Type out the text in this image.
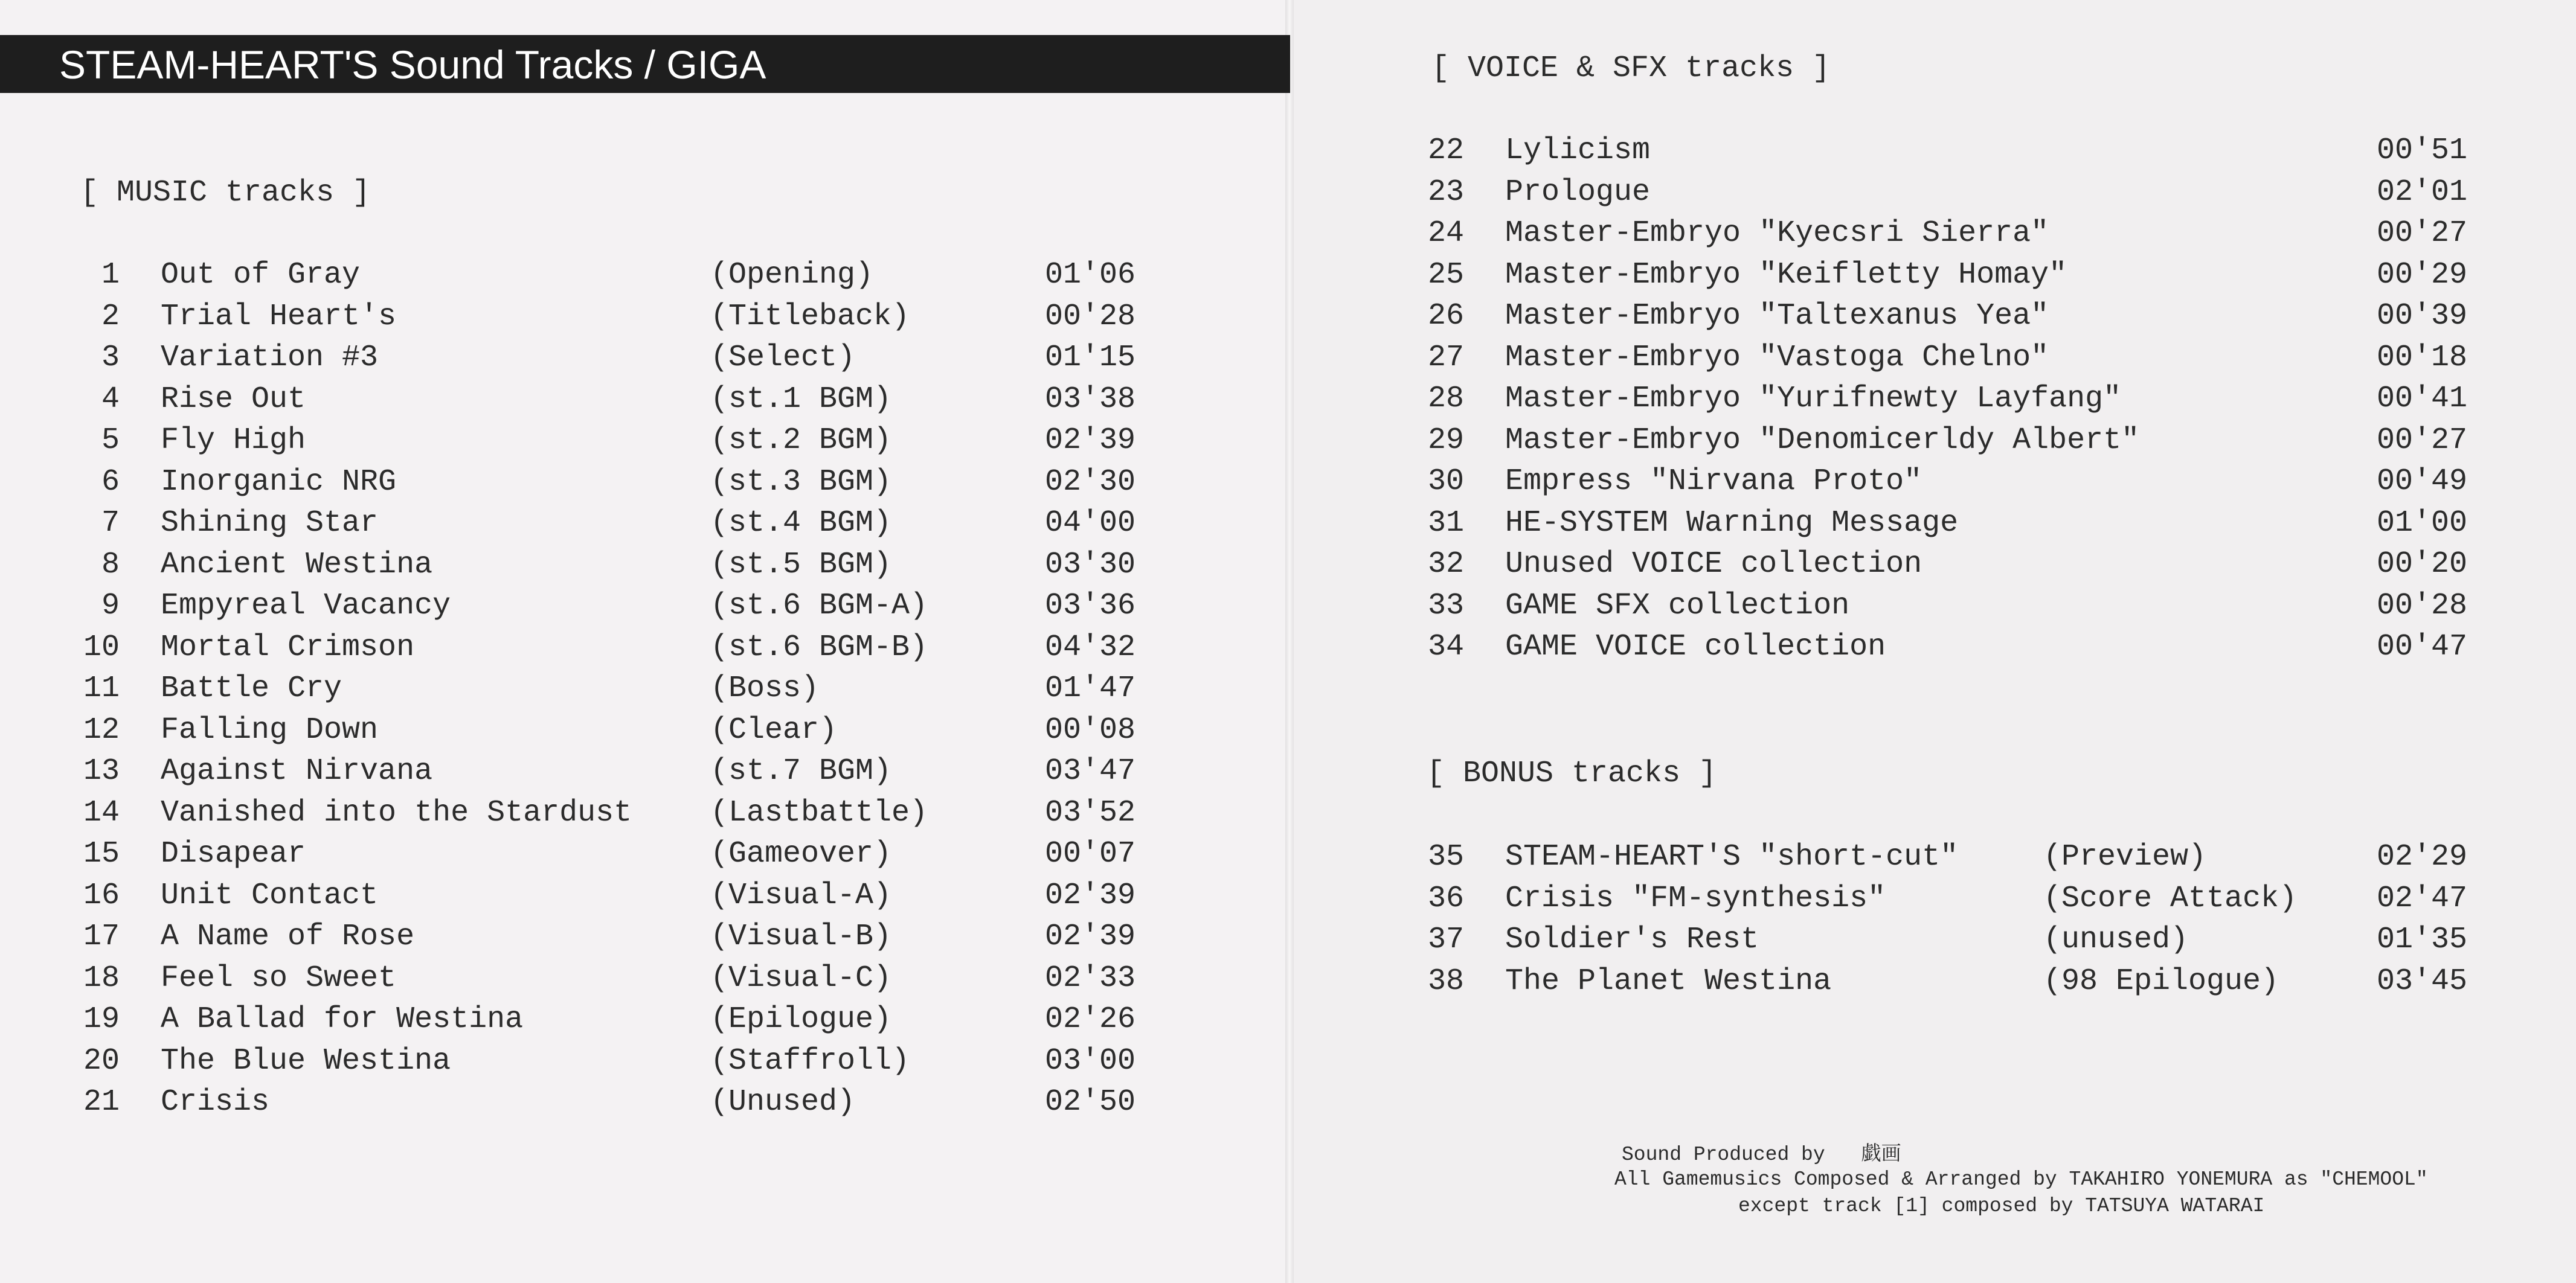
STEAM-HEART'S Sound Tracks / GIGA
[ MUSIC tracks ]
1 Out of Gray	(Opening)	01'06
2 Trial Heart's	(Titleback)	00'28
3 Variation #3	(Select)	01'15
4 Rise Out	(st.1 BGM)	03'38
5 Fly High	(st.2 BGM)	02'39
6 Inorganic NRG	(st.3 BGM)	02'30
7 Shining Star	(st.4 BGM)	04'00
8 Ancient Westina	(st.5 BGM)	03'30
9 Empyreal Vacancy	(st.6 BGM-A)	03'36
10 Mortal Crimson	(st.6 BGM-B)	04'32
11 Battle Cry	(Boss)	01'47
12 Falling Down	(Clear)	00'08
13 Against Nirvana	(st.7 BGM)	03'47
14 Vanished into the Stardust	(Lastbattle)	03'52
15 Disapear	(Gameover)	00'07
16 Unit Contact	(Visual-A)	02'39
17 A Name of Rose	(Visual-B)	02'39
18 Feel so Sweet	(Visual-C)	02'33
19 A Ballad for Westina	(Epilogue)	02'26
20 The Blue Westina	(Staffroll)	03'00
21 Crisis	(Unused)	02'50
[ VOICE & SFX tracks ]
22 Lylicism	00'51
23 Prologue	02'01
24 Master-Embryo "Kyecsri Sierra"	00'27
25 Master-Embryo "Keifletty Homay"	00'29
26 Master-Embryo "Taltexanus Yea"	00'39
27 Master-Embryo "Vastoga Chelno"	00'18
28 Master-Embryo "Yurifnewty Layfang"	00'41
29 Master-Embryo "Denomicerldy Albert"	00'27
30 Empress "Nirvana Proto"	00'49
31 HE-SYSTEM Warning Message	01'00
32 Unused VOICE collection	00'20
33 GAME SFX collection	00'28
34 GAME VOICE collection	00'47
[ BONUS tracks ]
35 STEAM-HEART'S "short-cut"	(Preview)	02'29
36 Crisis "FM-synthesis"	(Score Attack)	02'47
37 Soldier's Rest	(unused)	01'35
38 The Planet Westina	(98 Epilogue)	03'45

Sound Produced by 戯画

All Gamemusics Composed & Arranged by TAKAHIRO YONEMURA as "CHEMOOL"

except track [1] composed by TATSUYA WATARAI
